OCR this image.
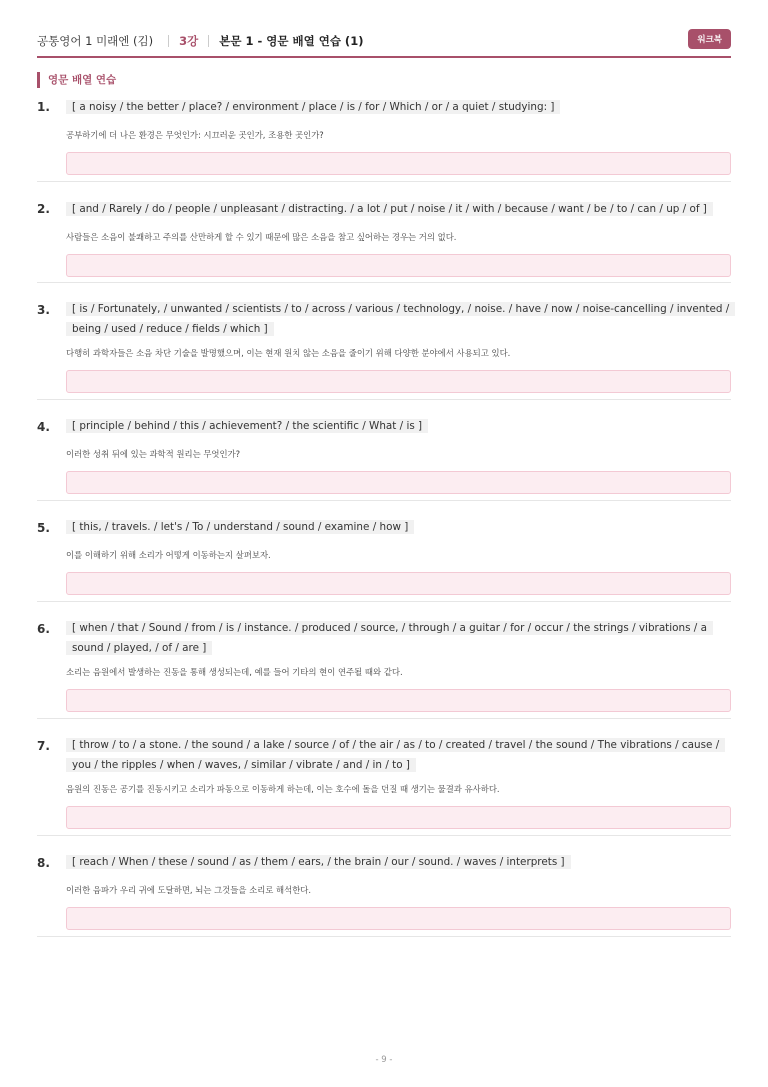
공통영어 1 미래엔 (김)	3강 본문 1 - 영문 배열 연습 (1)	워크북
영문 배열 연습
1.	[ a noisy / the better / place? / environment / place / is / for / Which / or / a quiet / studying: ]
공부하기에 더 나은 환경은 무엇인가: 시끄러운 곳인가, 조용한 곳인가?
2.	[ and / Rarely / do / people / unpleasant / distracting. / a lot / put / noise / it / with / because / want / be / to / can / up / of ]
사람들은 소음이 불쾌하고 주의를 산만하게 할 수 있기 때문에 많은 소음을 참고 싶어하는 경우는 거의 없다.
3.	[ is / Fortunately, / unwanted / scientists / to / across / various / technology, / noise. / have / now / noise-cancelling / invented / being / used / reduce / fields / which ]
다행히 과학자들은 소음 차단 기술을 발명했으며, 이는 현재 원치 않는 소음을 줄이기 위해 다양한 분야에서 사용되고 있다.
4.	[ principle / behind / this / achievement? / the scientific / What / is ]
이러한 성취 뒤에 있는 과학적 원리는 무엇인가?
5.	[ this, / travels. / let's / To / understand / sound / examine / how ]
이를 이해하기 위해 소리가 어떻게 이동하는지 살펴보자.
6.	[ when / that / Sound / from / is / instance. / produced / source, / through / a guitar / for / occur / the strings / vibrations / a sound / played, / of / are ]
소리는 음원에서 발생하는 진동을 통해 생성되는데, 예를 들어 기타의 현이 연주될 때와 같다.
7.	[ throw / to / a stone. / the sound / a lake / source / of / the air / as / to / created / travel / the sound / The vibrations / cause / you / the ripples / when / waves, / similar / vibrate / and / in / to ]
음원의 진동은 공기를 진동시키고 소리가 파동으로 이동하게 하는데, 이는 호수에 돌을 던질 때 생기는 물결과 유사하다.
8.	[ reach / When / these / sound / as / them / ears, / the brain / our / sound. / waves / interprets ]
이러한 음파가 우리 귀에 도달하면, 뇌는 그것들을 소리로 해석한다.
- 9 -
